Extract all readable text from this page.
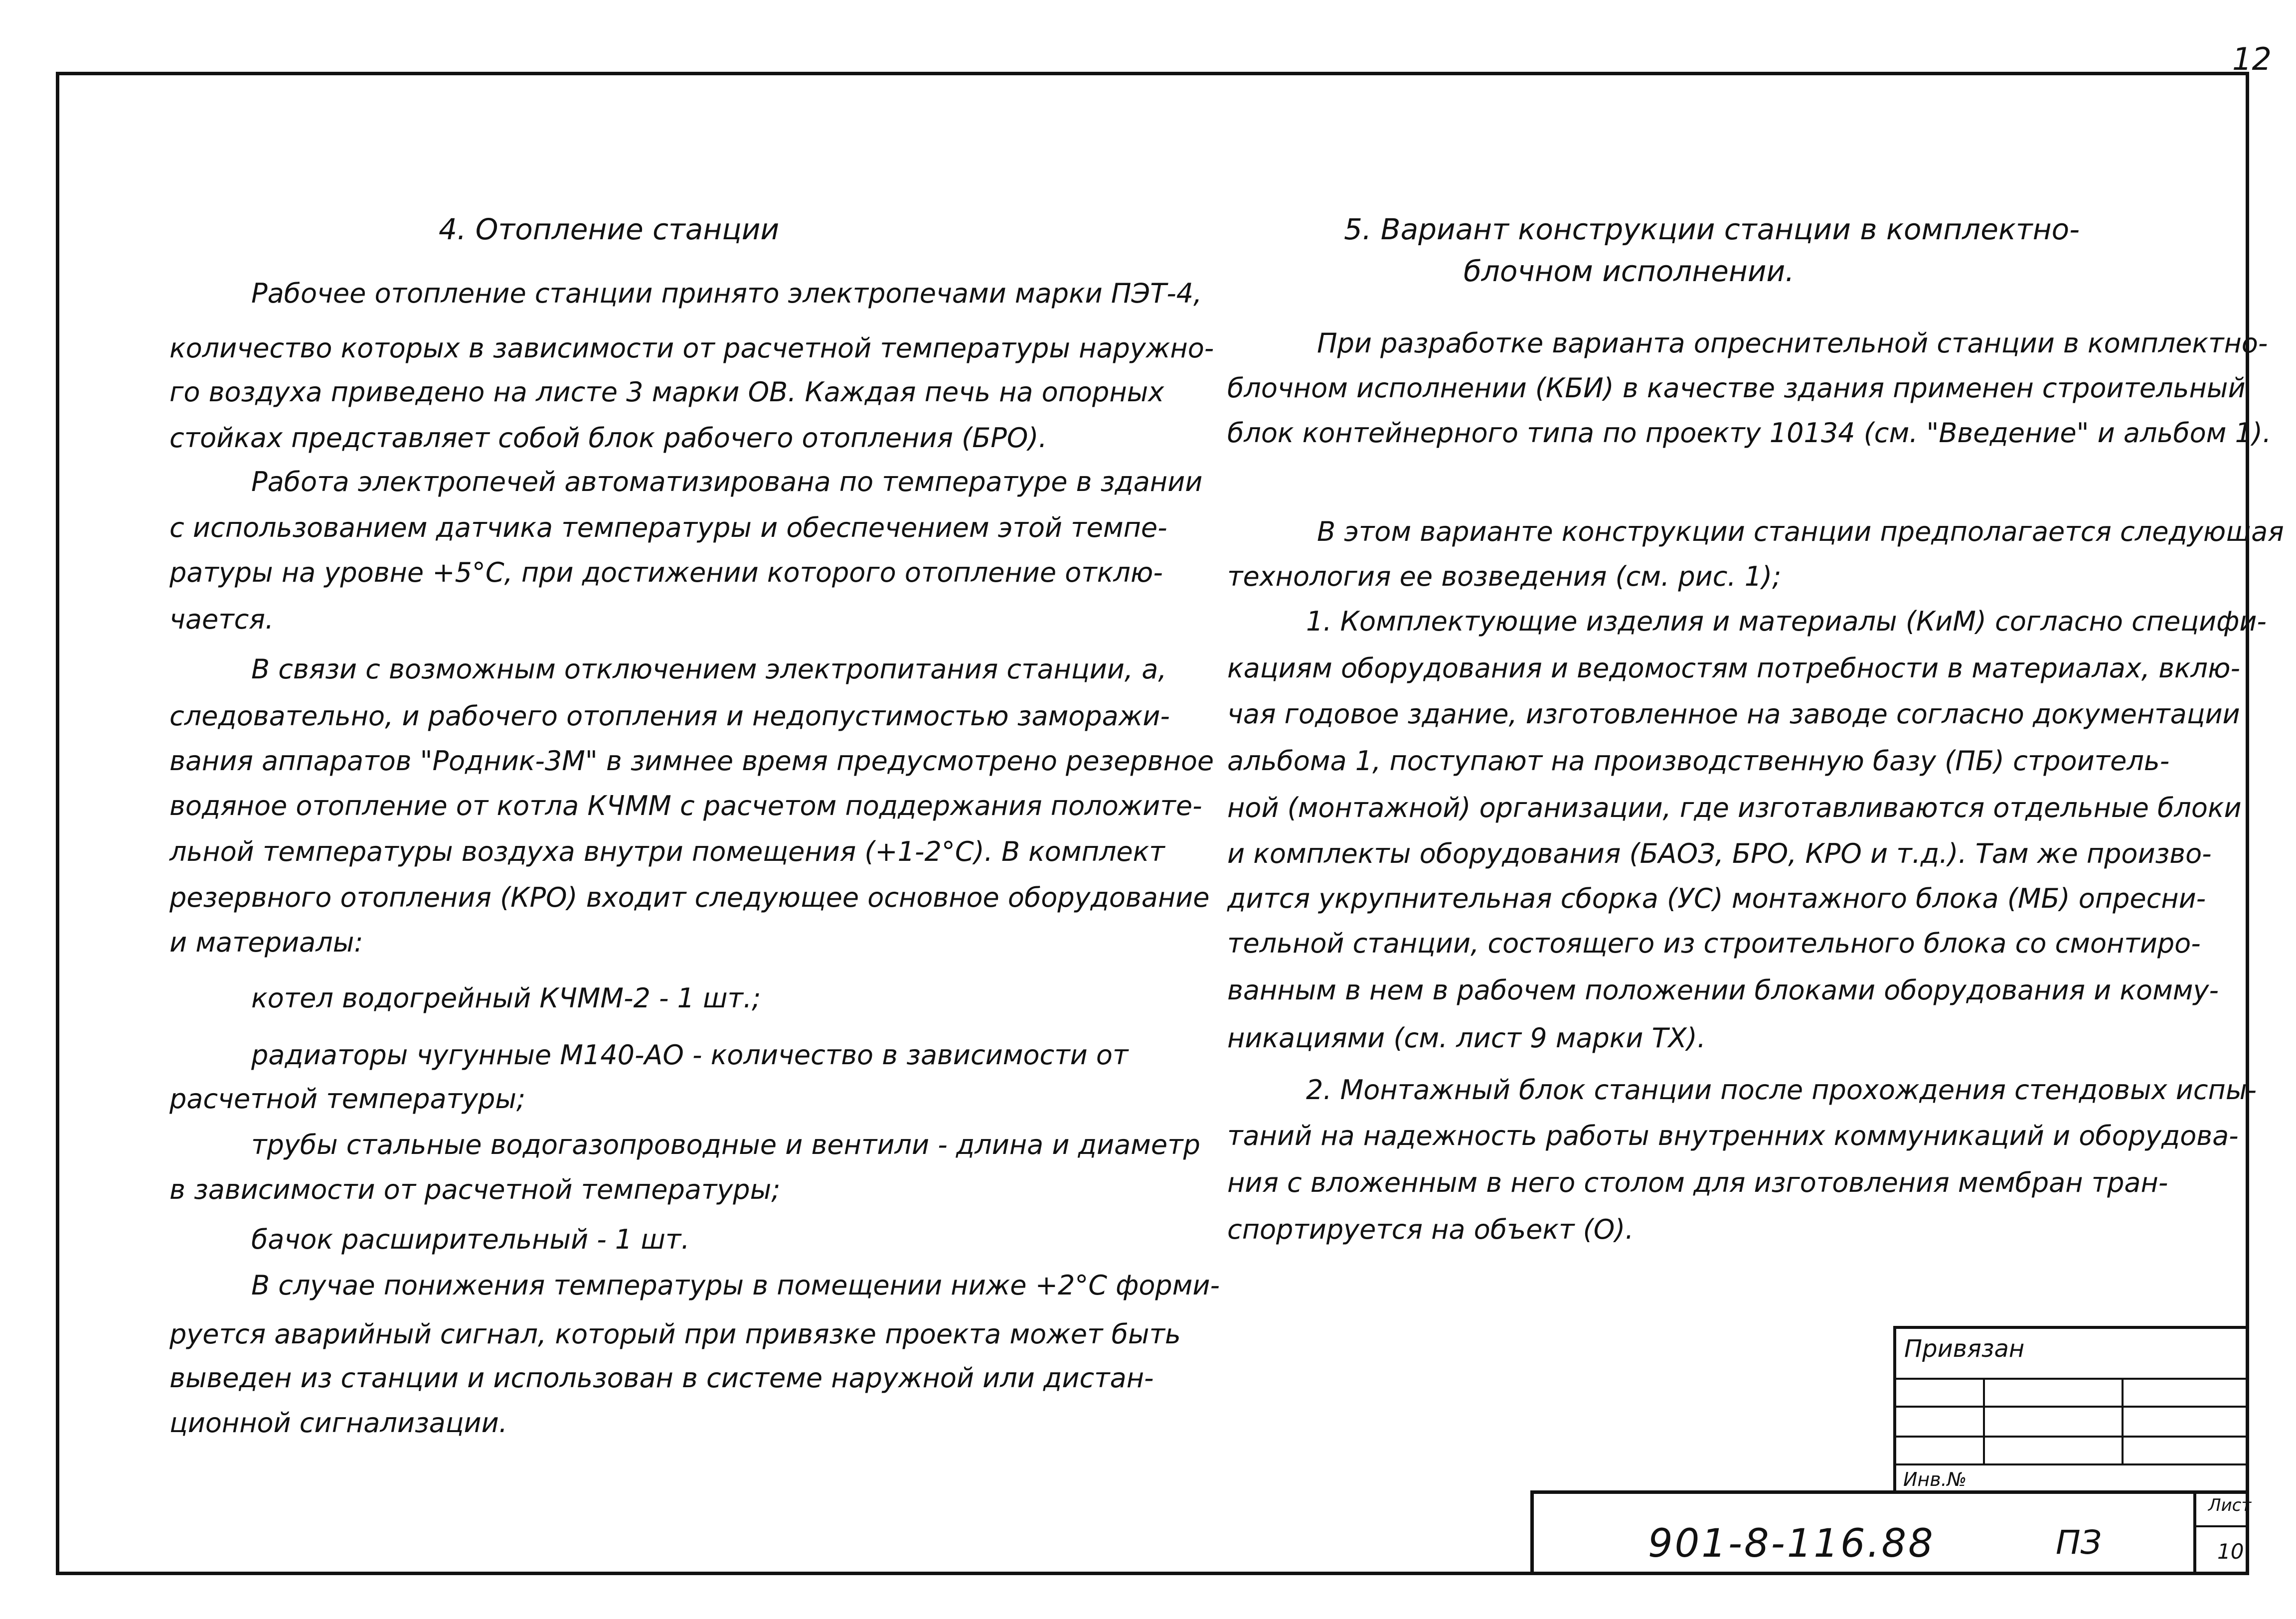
12
4. Отопление станции
Рабочее отопление станции принято электропечами марки ПЭТ-4,
количество которых в зависимости от расчетной температуры наружно-
го воздуха приведено на листе 3 марки ОВ. Каждая печь на опорных
стойках представляет собой блок рабочего отопления (БРО).
Работа электропечей автоматизирована по температуре в здании
с использованием датчика температуры и обеспечением этой темпе-
ратуры на уровне +5°С, при достижении которого отопление отклю-
чается.
В связи с возможным отключением электропитания станции, а,
следовательно, и рабочего отопления и недопустимостью заморажи-
вания аппаратов "Родник-3М" в зимнее время предусмотрено резервное
водяное отопление от котла КЧММ с расчетом поддержания положите-
льной температуры воздуха внутри помещения (+1-2°С). В комплект
резервного отопления (КРО) входит следующее основное оборудование
и материалы:
котел водогрейный КЧММ-2 - 1 шт.;
радиаторы чугунные М140-АО - количество в зависимости от
расчетной температуры;
трубы стальные водогазопроводные и вентили - длина и диаметр
в зависимости от расчетной температуры;
бачок расширительный - 1 шт.
В случае понижения температуры в помещении ниже +2°С форми-
руется аварийный сигнал, который при привязке проекта может быть
выведен из станции и использован в системе наружной или дистан-
ционной сигнализации.
5. Вариант конструкции станции в комплектно-
блочном исполнении.
При разработке варианта опреснительной станции в комплектно-
блочном исполнении (КБИ) в качестве здания применен строительный
блок контейнерного типа по проекту 10134 (см. "Введение" и альбом 1).
В этом варианте конструкции станции предполагается следующая
технология ее возведения (см. рис. 1);
1. Комплектующие изделия и материалы (КиМ) согласно специфи-
кациям оборудования и ведомостям потребности в материалах, вклю-
чая годовое здание, изготовленное на заводе согласно документации
альбома 1, поступают на производственную базу (ПБ) строитель-
ной (монтажной) организации, где изготавливаются отдельные блоки
и комплекты оборудования (БАОЗ, БРО, КРО и т.д.). Там же произво-
дится укрупнительная сборка (УС) монтажного блока (МБ) опресни-
тельной станции, состоящего из строительного блока со смонтиро-
ванным в нем в рабочем положении блоками оборудования и комму-
никациями (см. лист 9 марки ТХ).
2. Монтажный блок станции после прохождения стендовых испы-
таний на надежность работы внутренних коммуникаций и оборудова-
ния с вложенным в него столом для изготовления мембран тран-
спортируется на объект (О).
Привязан
Инв.№
901-8-116.88	ПЗ
Лист
10
